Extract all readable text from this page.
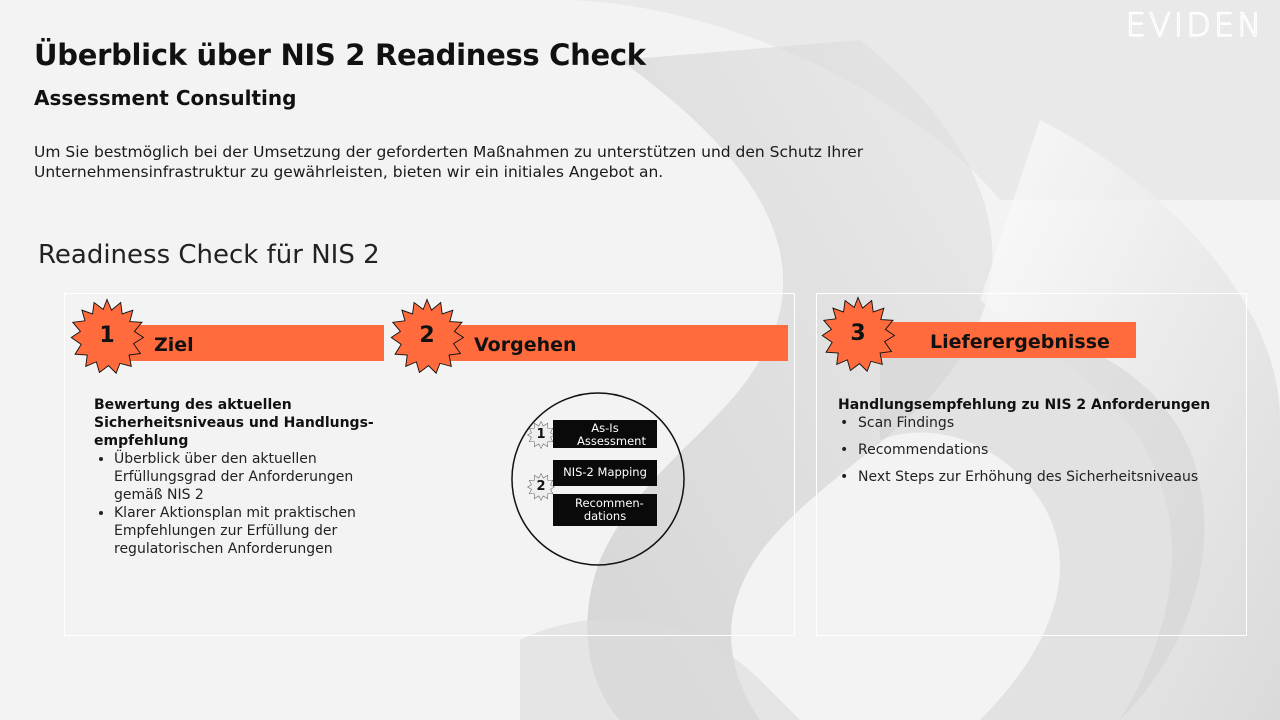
EVIDEN
Überblick über NIS 2 Readiness Check
Assessment Consulting
Um Sie bestmöglich bei der Umsetzung der geforderten Maßnahmen zu unterstützen und den Schutz Ihrer Unternehmensinfrastruktur zu gewährleisten, bieten wir ein initiales Angebot an.
Readiness Check für NIS 2
Ziel
1
Bewertung des aktuellen Sicherheitsniveaus und Handlungs-empfehlung
• Überblick über den aktuellen Erfüllungsgrad der Anforderungen gemäß NIS 2
• Klarer Aktionsplan mit praktischen Empfehlungen zur Erfüllung der regulatorischen Anforderungen
Vorgehen
2
1
2
As-Is Assessment
NIS-2 Mapping
Recommen-dations
Lieferergebnisse
3
Handlungsempfehlung zu NIS 2 Anforderungen
• Scan Findings
• Recommendations
• Next Steps zur Erhöhung des Sicherheitsniveaus
